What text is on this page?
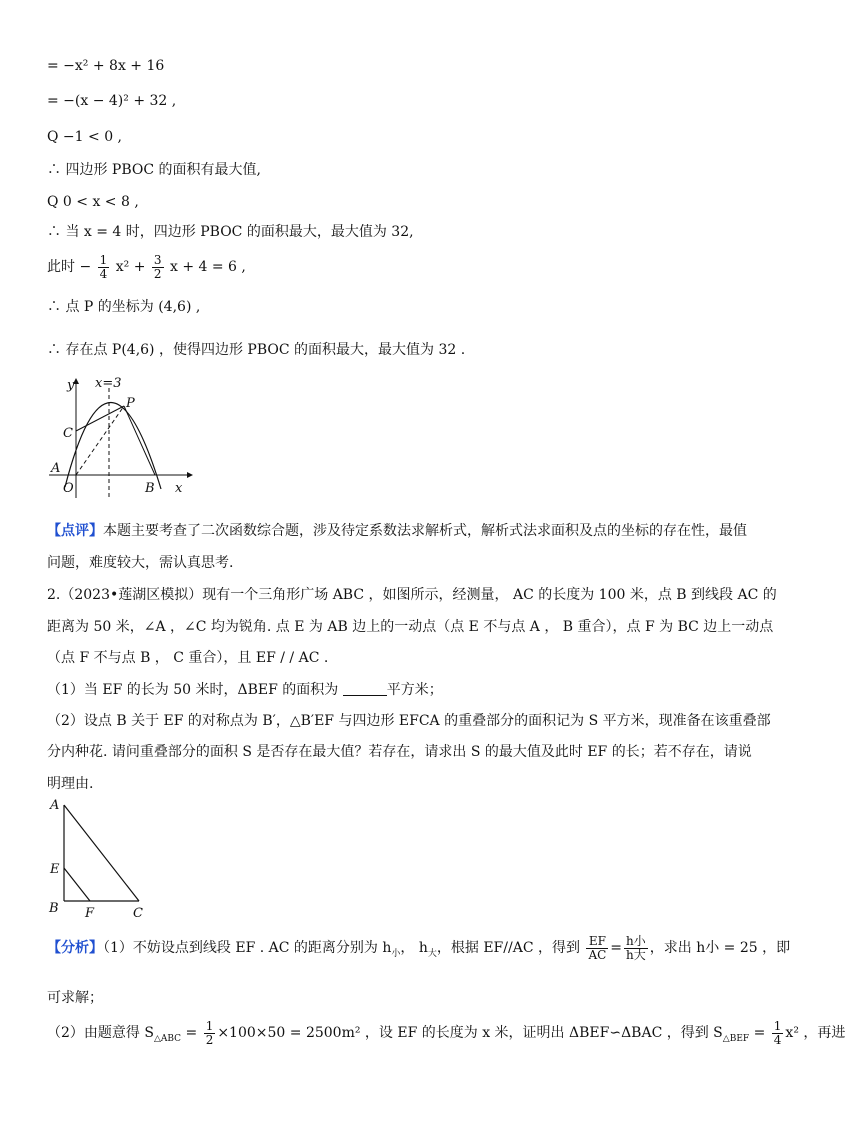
= −x² + 8x + 16
= −(x − 4)² + 32 ,
Q −1 < 0 ,
∴ 四边形 PBOC 的面积有最大值,
Q 0 < x < 8 ,
∴ 当 x = 4 时，四边形 PBOC 的面积最大，最大值为 32,
此时 − $\frac{1}{4} x^2 + \frac{3}{2}$ x + 4 = 6 ,
∴ 点 P 的坐标为 (4,6) ,
∴ 存在点 P(4,6) ，使得四边形 PBOC 的面积最大，最大值为 32 .
y
x
x=3
P
C
A
O	B
【点评】本题主要考查了二次函数综合题，涉及待定系数法求解析式，解析式法求面积及点的坐标的存在性，最值
问题，难度较大，需认真思考.
2.（2023•莲湖区模拟）现有一个三角形广场 ABC ，如图所示，经测量， AC 的长度为 100 米，点 B 到线段 AC 的
距离为 50 米，∠A ，∠C 均为锐角. 点 E 为 AB 边上的一动点（点 E 不与点 A ， B 重合），点 F 为 BC 边上一动点
（点 F 不与点 B ， C 重合），且 EF / / AC .
（1）当 EF 的长为 50 米时，ΔBEF 的面积为	平方米；
（2）设点 B 关于 EF 的对称点为 B′，△B′EF 与四边形 EFCA 的重叠部分的面积记为 S 平方米，现准备在该重叠部
分内种花. 请问重叠部分的面积 S 是否存在最大值？若存在，请求出 S 的最大值及此时 EF 的长；若不存在，请说
明理由.
A
E
B F	C
【分析】（1）不妨设点到线段 EF . AC 的距离分别为 $h_小$， $h_大$，根据 EF//AC ，得到 $\frac{EF}{AC} = \frac{\text{h小}}{\text{h大}}$ ，求出 h小 = 25 ，即
可求解；
（2）由题意得 $S_{\triangle ABC} = \frac{1}{2} \times 100\times 50 = 2500m^2$ ，设 EF 的长度为 x 米，证明出 ΔBEF∽ΔBAC ，得到 $S_{\triangle BEF} = \frac{1}{4} x^2$ ，再进
